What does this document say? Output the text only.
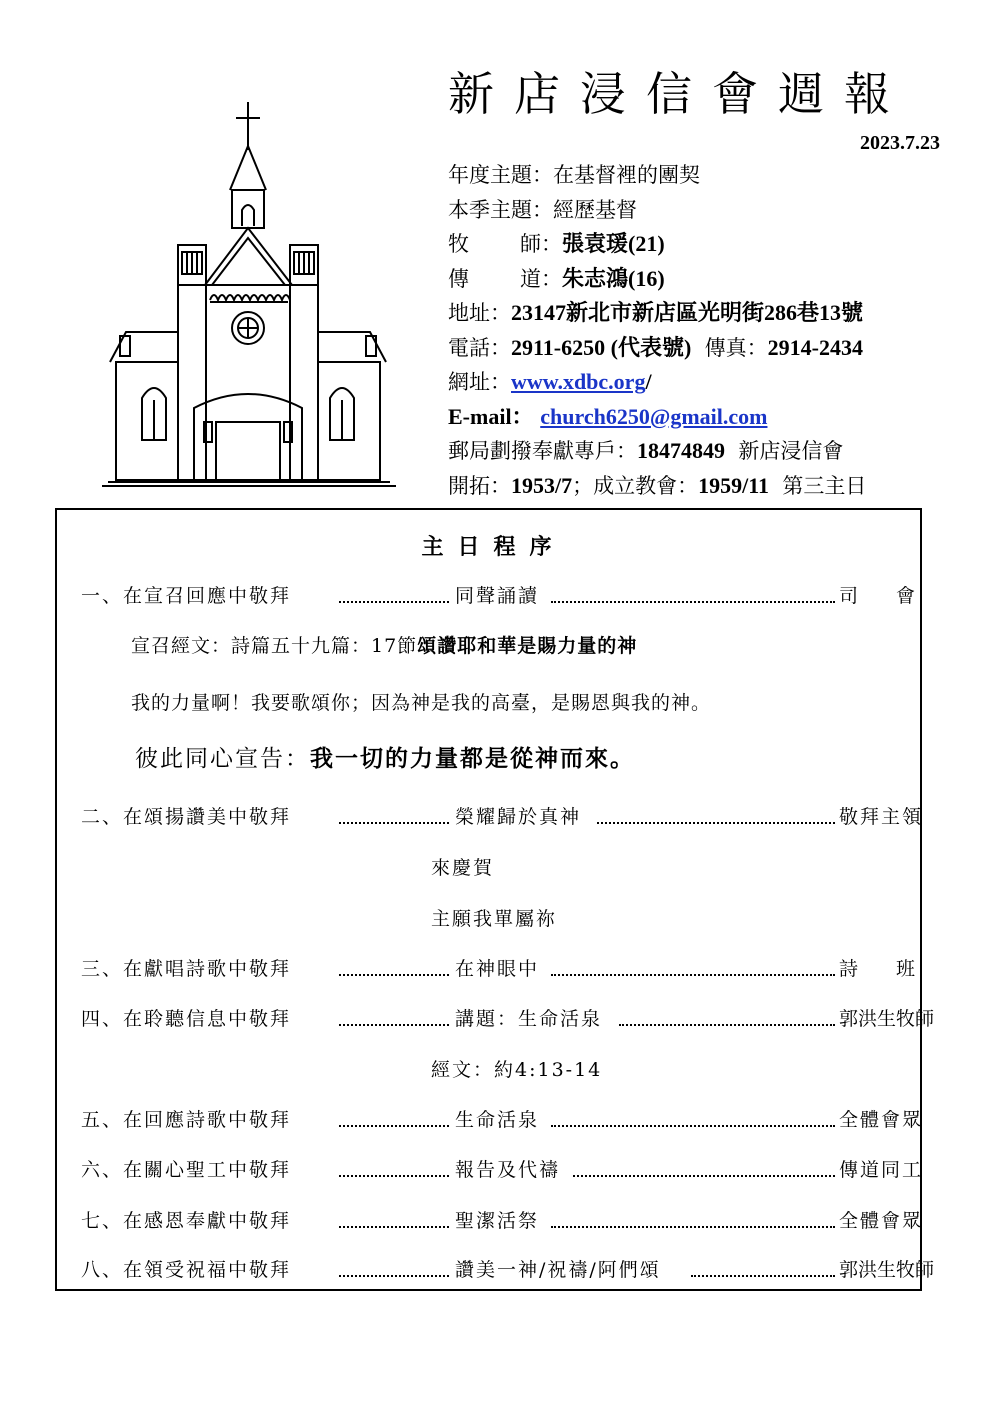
新店浸信會週報
2023.7.23
年度主題：在基督裡的團契
本季主題：經歷基督
牧 師：張袁瑗(21)
傳 道：朱志鴻(16)
地址：23147新北市新店區光明街286巷13號
電話：2911-6250 (代表號) 傳真：2914-2434
網址：www.xdbc.org/
E-mail： church6250@gmail.com
郵局劃撥奉獻專戶：18474849 新店浸信會
開拓：1953/7；成立教會：1959/11 第三主日
主日程序
一、在宣召回應中敬拜	同聲誦讀	司會
宣召經文：詩篇五十九篇：17節頌讚耶和華是賜力量的神
我的力量啊！我要歌頌你；因為神是我的高臺，是賜恩與我的神。
彼此同心宣告：我一切的力量都是從神而來。
二、在頌揚讚美中敬拜	榮耀歸於真神	敬拜主領
來慶賀
主願我單屬祢
三、在獻唱詩歌中敬拜	在神眼中	詩班
四、在聆聽信息中敬拜	講題：生命活泉	郭洪生牧師
經文：約4:13-14
五、在回應詩歌中敬拜	生命活泉	全體會眾
六、在關心聖工中敬拜	報告及代禱	傳道同工
七、在感恩奉獻中敬拜	聖潔活祭	全體會眾
八、在領受祝福中敬拜	讚美一神/祝禱/阿們頌	郭洪生牧師
